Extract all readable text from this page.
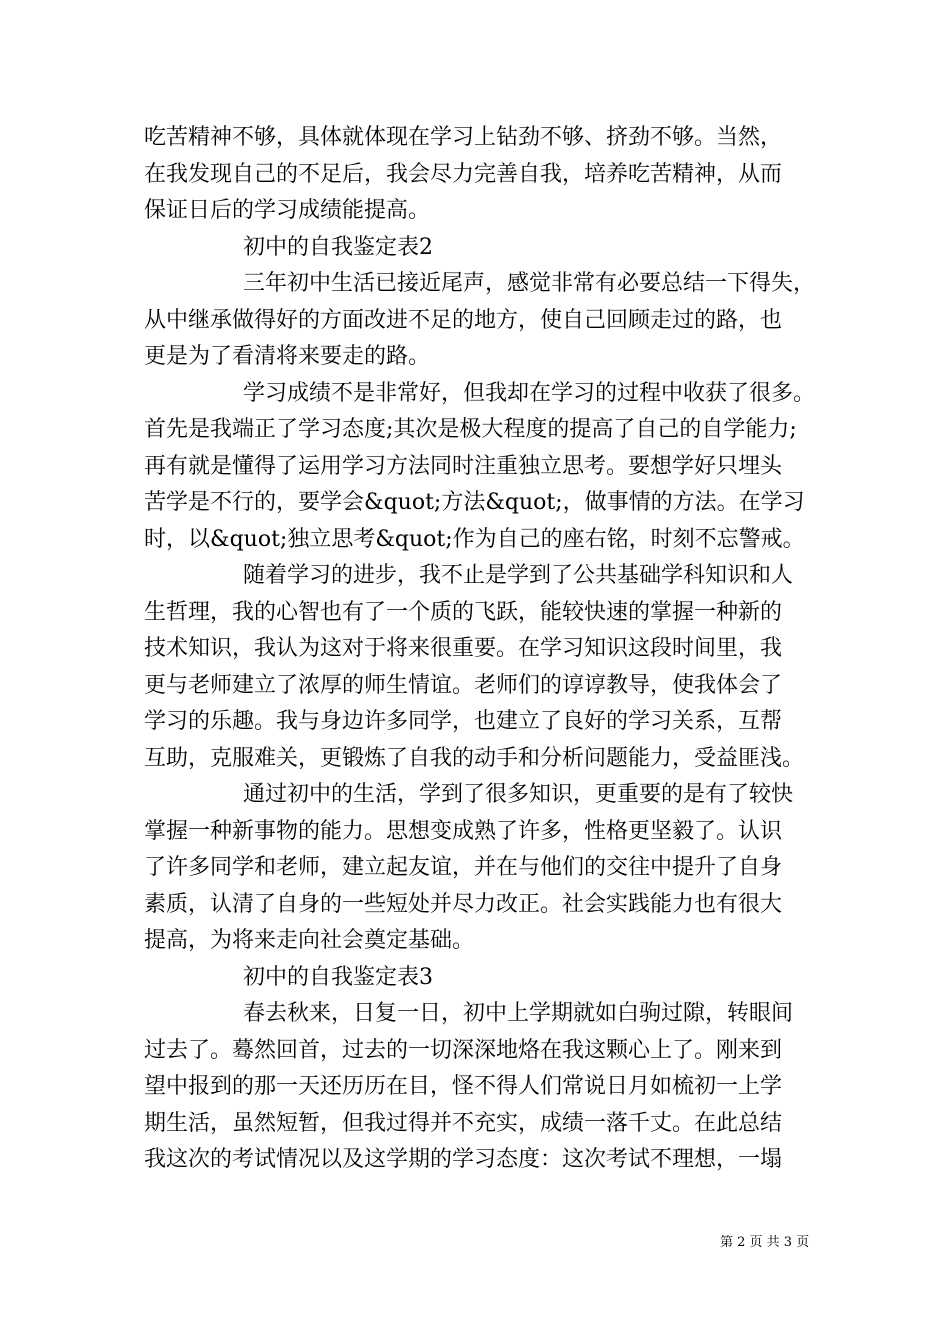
吃苦精神不够，具体就体现在学习上钻劲不够、挤劲不够。当然，
在我发现自己的不足后，我会尽力完善自我，培养吃苦精神，从而
保证日后的学习成绩能提高。
初中的自我鉴定表2
三年初中生活已接近尾声，感觉非常有必要总结一下得失，
从中继承做得好的方面改进不足的地方，使自己回顾走过的路，也
更是为了看清将来要走的路。
学习成绩不是非常好，但我却在学习的过程中收获了很多。
首先是我端正了学习态度;其次是极大程度的提高了自己的自学能力;
再有就是懂得了运用学习方法同时注重独立思考。要想学好只埋头
苦学是不行的，要学会&quot;方法&quot;，做事情的方法。在学习
时，以&quot;独立思考&quot;作为自己的座右铭，时刻不忘警戒。
随着学习的进步，我不止是学到了公共基础学科知识和人
生哲理，我的心智也有了一个质的飞跃，能较快速的掌握一种新的
技术知识，我认为这对于将来很重要。在学习知识这段时间里，我
更与老师建立了浓厚的师生情谊。老师们的谆谆教导，使我体会了
学习的乐趣。我与身边许多同学，也建立了良好的学习关系，互帮
互助，克服难关，更锻炼了自我的动手和分析问题能力，受益匪浅。
通过初中的生活，学到了很多知识，更重要的是有了较快
掌握一种新事物的能力。思想变成熟了许多，性格更坚毅了。认识
了许多同学和老师，建立起友谊，并在与他们的交往中提升了自身
素质，认清了自身的一些短处并尽力改正。社会实践能力也有很大
提高，为将来走向社会奠定基础。
初中的自我鉴定表3
春去秋来，日复一日，初中上学期就如白驹过隙，转眼间
过去了。蓦然回首，过去的一切深深地烙在我这颗心上了。刚来到
望中报到的那一天还历历在目，怪不得人们常说日月如梳初一上学
期生活，虽然短暂，但我过得并不充实，成绩一落千丈。在此总结
我这次的考试情况以及这学期的学习态度：这次考试不理想，一塌
第 2 页 共 3 页
